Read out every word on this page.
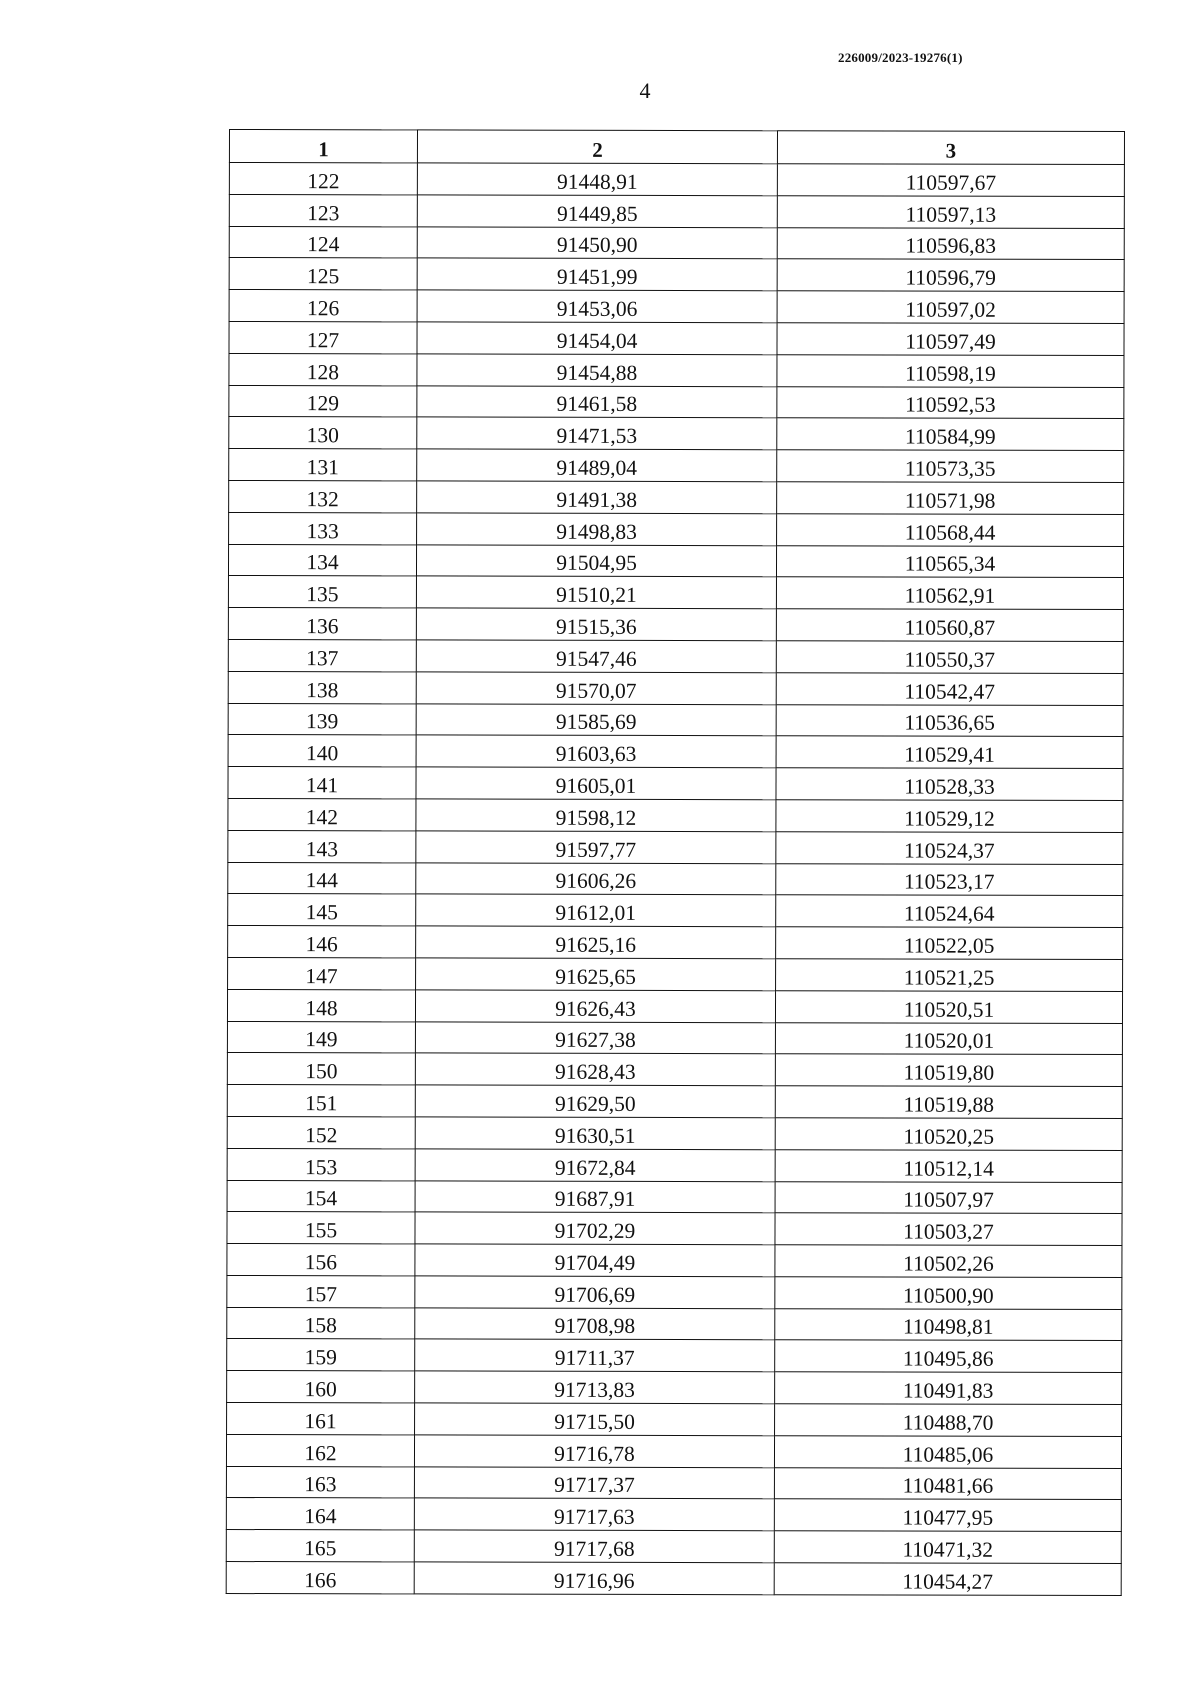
226009/2023-19276(1)
4
1	2	3
122	91448,91	110597,67
123	91449,85	110597,13
124	91450,90	110596,83
125	91451,99	110596,79
126	91453,06	110597,02
127	91454,04	110597,49
128	91454,88	110598,19
129	91461,58	110592,53
130	91471,53	110584,99
131	91489,04	110573,35
132	91491,38	110571,98
133	91498,83	110568,44
134	91504,95	110565,34
135	91510,21	110562,91
136	91515,36	110560,87
137	91547,46	110550,37
138	91570,07	110542,47
139	91585,69	110536,65
140	91603,63	110529,41
141	91605,01	110528,33
142	91598,12	110529,12
143	91597,77	110524,37
144	91606,26	110523,17
145	91612,01	110524,64
146	91625,16	110522,05
147	91625,65	110521,25
148	91626,43	110520,51
149	91627,38	110520,01
150	91628,43	110519,80
151	91629,50	110519,88
152	91630,51	110520,25
153	91672,84	110512,14
154	91687,91	110507,97
155	91702,29	110503,27
156	91704,49	110502,26
157	91706,69	110500,90
158	91708,98	110498,81
159	91711,37	110495,86
160	91713,83	110491,83
161	91715,50	110488,70
162	91716,78	110485,06
163	91717,37	110481,66
164	91717,63	110477,95
165	91717,68	110471,32
166	91716,96	110454,27
